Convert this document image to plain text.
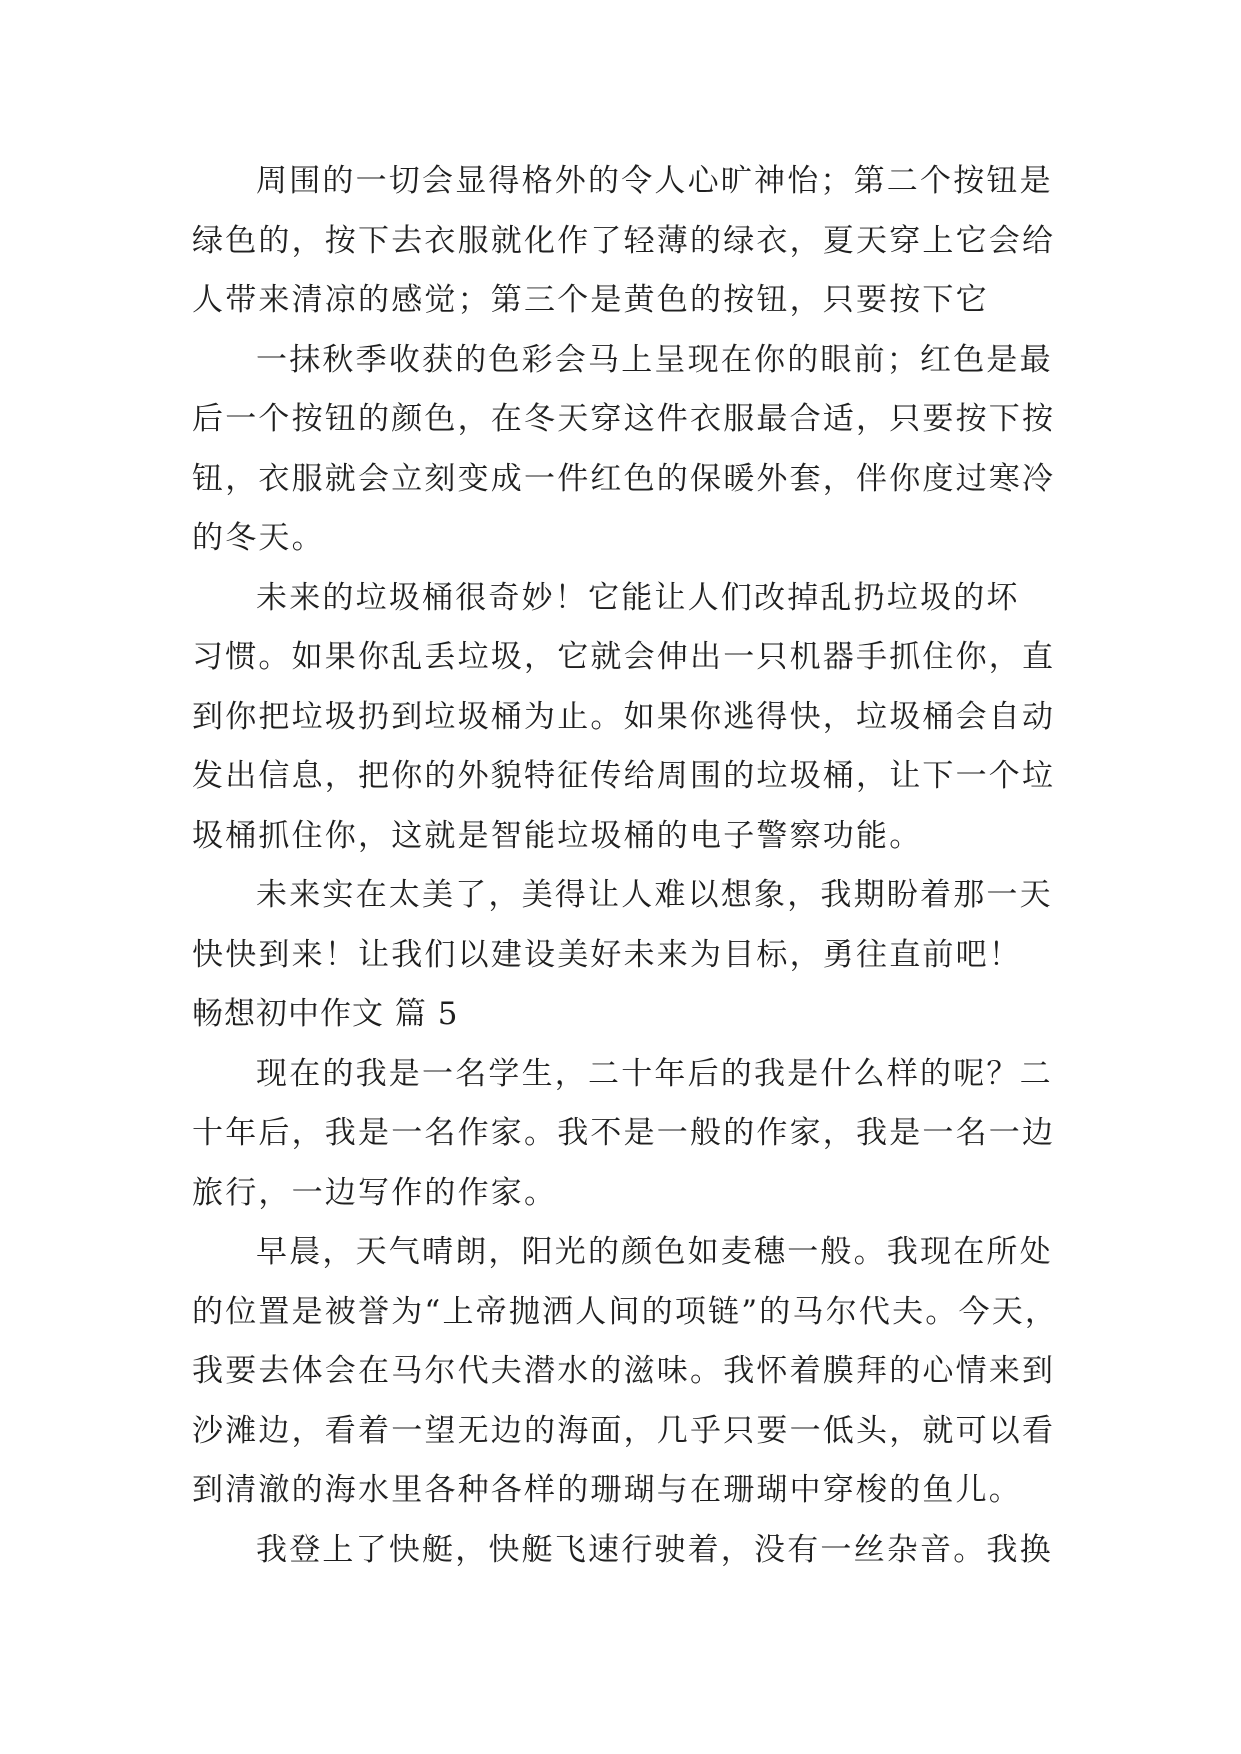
周围的一切会显得格外的令人心旷神怡；第二个按钮是
绿色的，按下去衣服就化作了轻薄的绿衣，夏天穿上它会给
人带来清凉的感觉；第三个是黄色的按钮，只要按下它
一抹秋季收获的色彩会马上呈现在你的眼前；红色是最
后一个按钮的颜色，在冬天穿这件衣服最合适，只要按下按
钮，衣服就会立刻变成一件红色的保暖外套，伴你度过寒冷
的冬天。
未来的垃圾桶很奇妙！它能让人们改掉乱扔垃圾的坏
习惯。如果你乱丢垃圾，它就会伸出一只机器手抓住你，直
到你把垃圾扔到垃圾桶为止。如果你逃得快，垃圾桶会自动
发出信息，把你的外貌特征传给周围的垃圾桶，让下一个垃
圾桶抓住你，这就是智能垃圾桶的电子警察功能。
未来实在太美了，美得让人难以想象，我期盼着那一天
快快到来！让我们以建设美好未来为目标，勇往直前吧！
畅想初中作文 篇 5
现在的我是一名学生，二十年后的我是什么样的呢？二
十年后，我是一名作家。我不是一般的作家，我是一名一边
旅行，一边写作的作家。
早晨，天气晴朗，阳光的颜色如麦穗一般。我现在所处
的位置是被誉为“上帝抛洒人间的项链”的马尔代夫。今天，
我要去体会在马尔代夫潜水的滋味。我怀着膜拜的心情来到
沙滩边，看着一望无边的海面，几乎只要一低头，就可以看
到清澈的海水里各种各样的珊瑚与在珊瑚中穿梭的鱼儿。
我登上了快艇，快艇飞速行驶着，没有一丝杂音。我换
